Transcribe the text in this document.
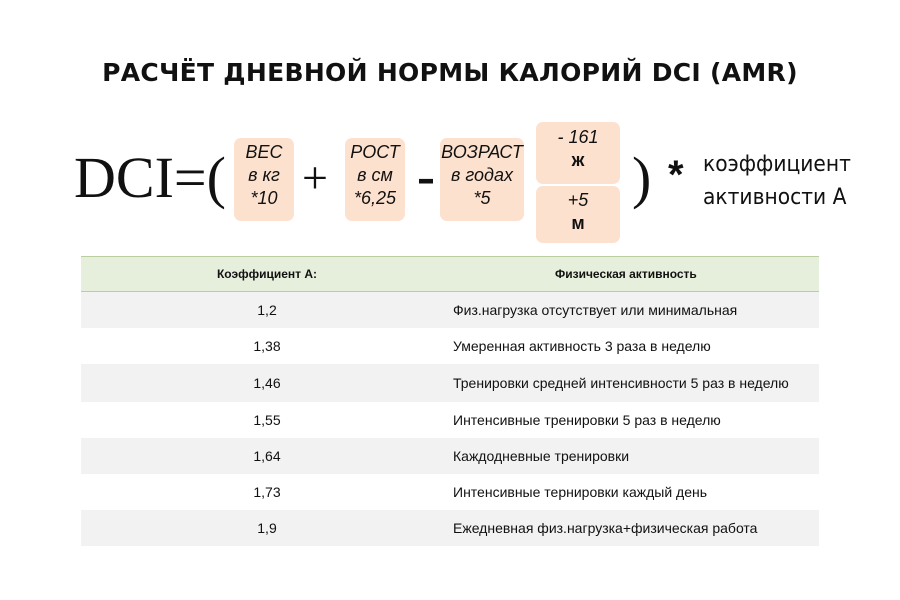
РАСЧЁТ ДНЕВНОЙ НОРМЫ КАЛОРИЙ DCI (AMR)
DCI=(	ВЕС
в кг
*10 + РОСТ
в см
*6,25 - ВОЗРАСТ
в годах
*5
- 161
ж
+5
м
) * коэффициент
активности А
Коэффициент А:	Физическая активность
1,2	Физ.нагрузка отсутствует или минимальная
1,38	Умеренная активность 3 раза в неделю
1,46	Тренировки средней интенсивности 5 раз в неделю
1,55	Интенсивные тренировки 5 раз в неделю
1,64	Каждодневные тренировки
1,73	Интенсивные тернировки каждый день
1,9	Ежедневная физ.нагрузка+физическая работа
